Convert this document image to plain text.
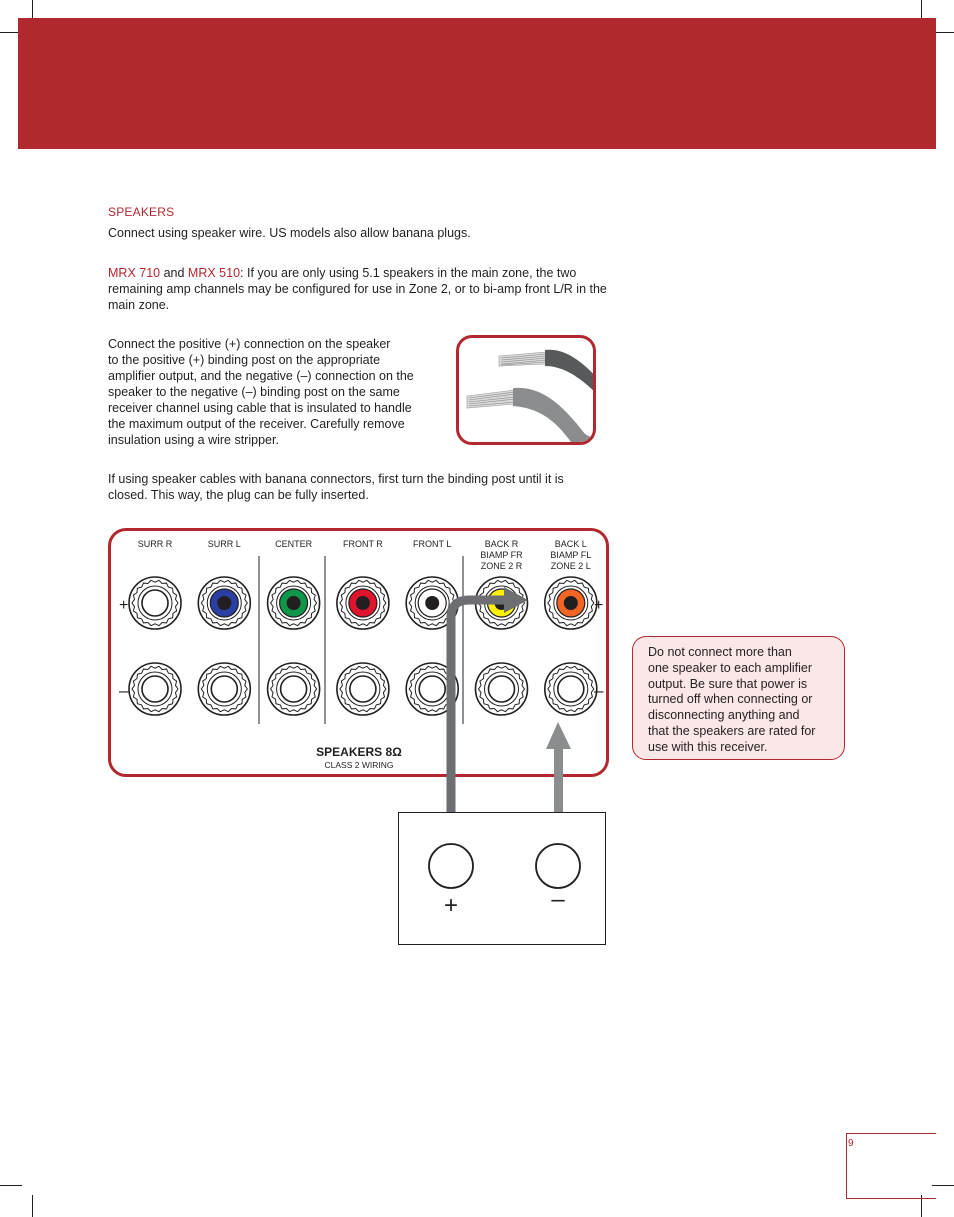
SPEAKERS
Connect using speaker wire. US models also allow banana plugs.
MRX 710 and MRX 510: If you are only using 5.1 speakers in the main zone, the two remaining amp channels may be configured for use in Zone 2, or to bi-amp front L/R in the main zone.
Connect the positive (+) connection on the speaker
to the positive (+) binding post on the appropriate
amplifier output, and the negative (–) connection on the
speaker to the negative (–) binding post on the same
receiver channel using cable that is insulated to handle
the maximum output of the receiver. Carefully remove
insulation using a wire stripper.
If using speaker cables with banana connectors, first turn the binding post until it is
closed. This way, the plug can be fully inserted.
+	+
–	–
SPEAKERS 8Ω
CLASS 2 WIRING
SURR R	SURR L	CENTER	FRONT R	FRONT L	BACK R
BIAMP FR
ZONE 2 R
BACK L
BIAMP FL
ZONE 2 L
Do not connect more than
one speaker to each amplifier
output. Be sure that power is
turned off when connecting or
disconnecting anything and
that the speakers are rated for
use with this receiver.
+	–
9
